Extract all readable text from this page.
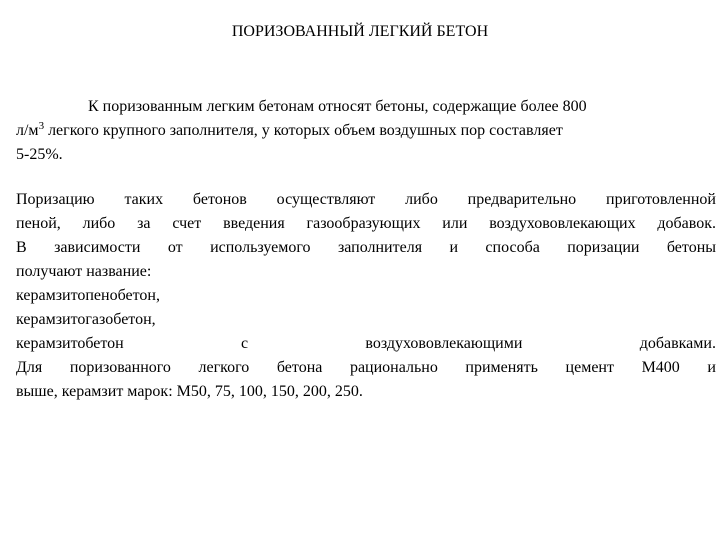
ПОРИЗОВАННЫЙ ЛЕГКИЙ БЕТОН
К поризованным легким бетонам относят бетоны, содержащие более 800
$л/м^3$ легкого крупного заполнителя, у которых объем воздушных пор составляет
5-25%.
Поризацию таких бетонов осуществляют либо предварительно приготовленной
пеной, либо за счет введения газообразующих или воздухововлекающих добавок.
В зависимости от используемого заполнителя и способа поризации бетоны
получают название:
керамзитопенобетон,
керамзитогазобетон,
керамзитобетон	с	воздухововлекающими	добавками.
Для поризованного легкого бетона рационально применять цемент М400 и
выше, керамзит марок: М50, 75, 100, 150, 200, 250.
